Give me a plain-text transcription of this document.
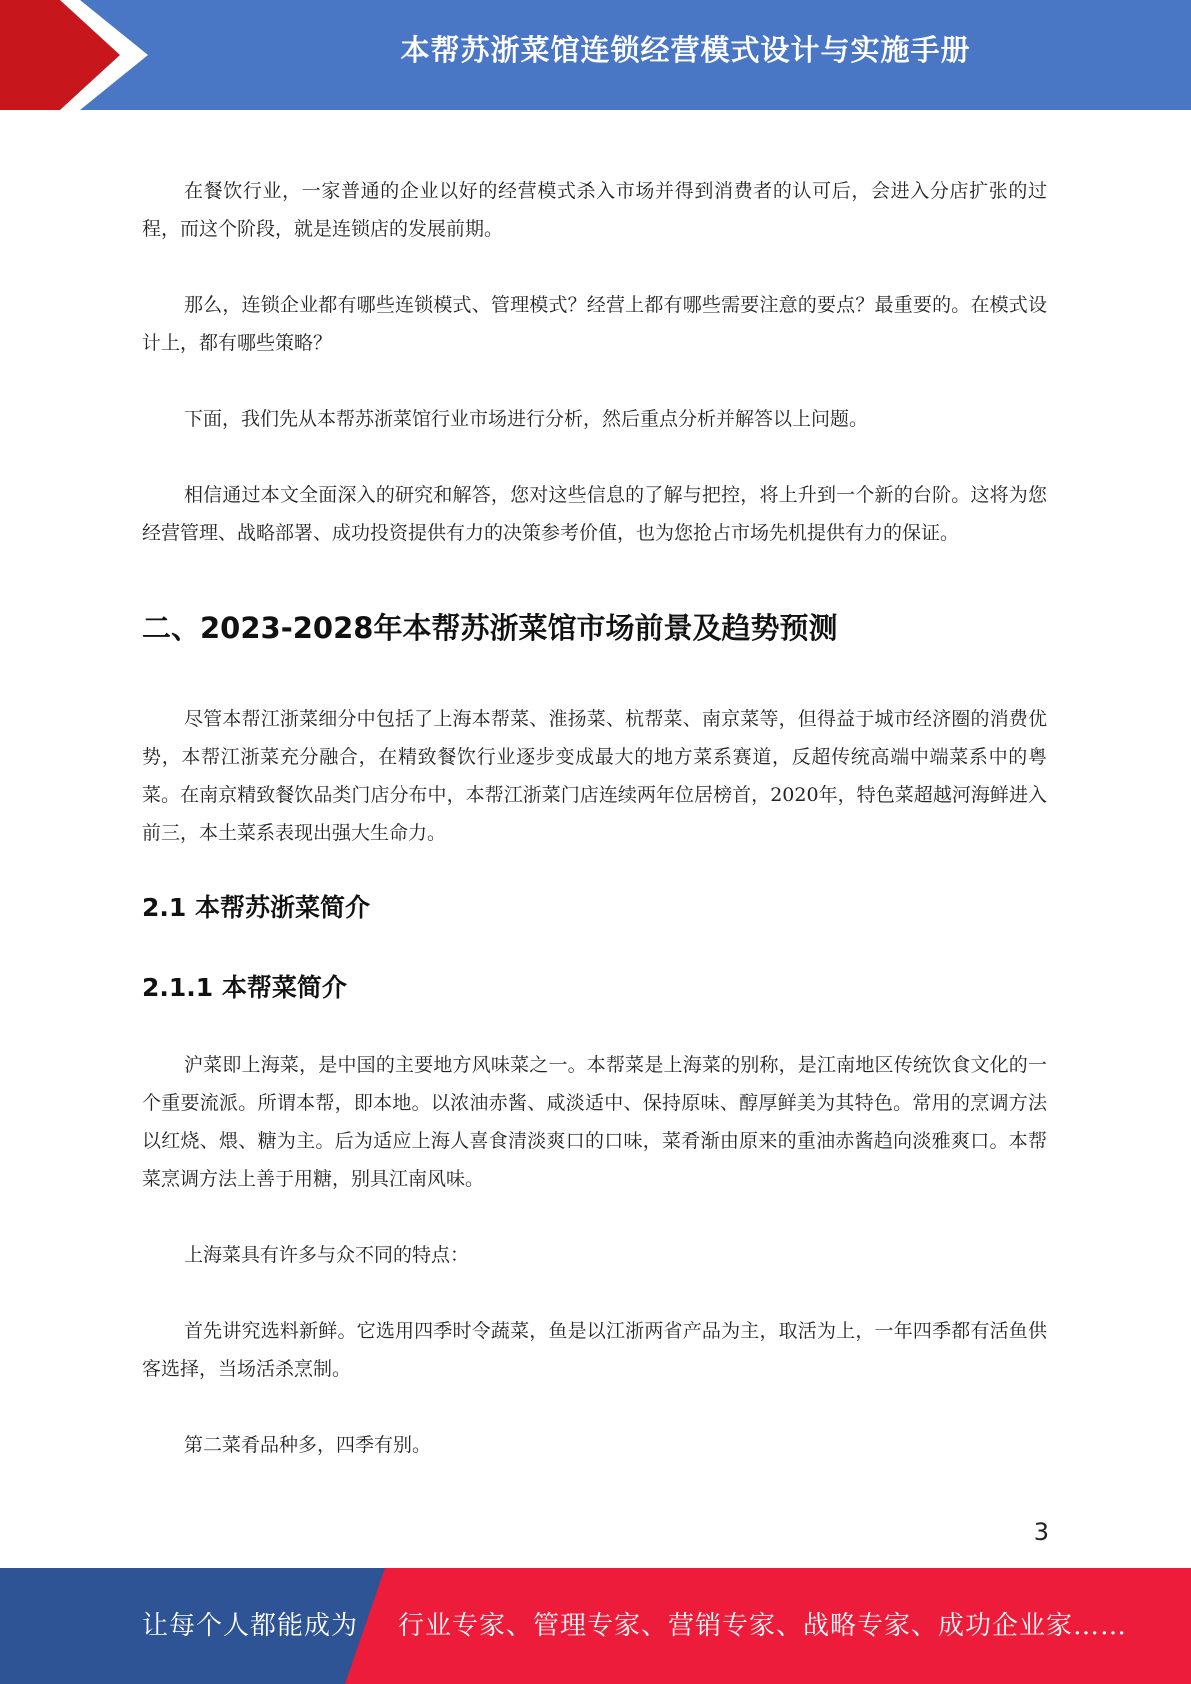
本帮苏浙菜馆连锁经营模式设计与实施手册

在餐饮行业，一家普通的企业以好的经营模式杀入市场并得到消费者的认可后，会进入分店扩张的过程，而这个阶段，就是连锁店的发展前期。

那么，连锁企业都有哪些连锁模式、管理模式？经营上都有哪些需要注意的要点？最重要的。在模式设计上，都有哪些策略？

下面，我们先从本帮苏浙菜馆行业市场进行分析，然后重点分析并解答以上问题。

相信通过本文全面深入的研究和解答，您对这些信息的了解与把控，将上升到一个新的台阶。这将为您经营管理、战略部署、成功投资提供有力的决策参考价值，也为您抢占市场先机提供有力的保证。

二、2023-2028年本帮苏浙菜馆市场前景及趋势预测

尽管本帮江浙菜细分中包括了上海本帮菜、淮扬菜、杭帮菜、南京菜等，但得益于城市经济圈的消费优势，本帮江浙菜充分融合，在精致餐饮行业逐步变成最大的地方菜系赛道，反超传统高端中端菜系中的粤菜。在南京精致餐饮品类门店分布中，本帮江浙菜门店连续两年位居榜首，2020年，特色菜超越河海鲜进入前三，本土菜系表现出强大生命力。

2.1 本帮苏浙菜简介
2.1.1 本帮菜简介

沪菜即上海菜，是中国的主要地方风味菜之一。本帮菜是上海菜的别称，是江南地区传统饮食文化的一个重要流派。所谓本帮，即本地。以浓油赤酱、咸淡适中、保持原味、醇厚鲜美为其特色。常用的烹调方法以红烧、煨、糖为主。后为适应上海人喜食清淡爽口的口味，菜肴渐由原来的重油赤酱趋向淡雅爽口。本帮菜烹调方法上善于用糖，别具江南风味。

上海菜具有许多与众不同的特点：

首先讲究选料新鲜。它选用四季时令蔬菜，鱼是以江浙两省产品为主，取活为上，一年四季都有活鱼供客选择，当场活杀烹制。

第二菜肴品种多，四季有别。

3
让每个人都能成为 行业专家、管理专家、营销专家、战略专家、成功企业家……
